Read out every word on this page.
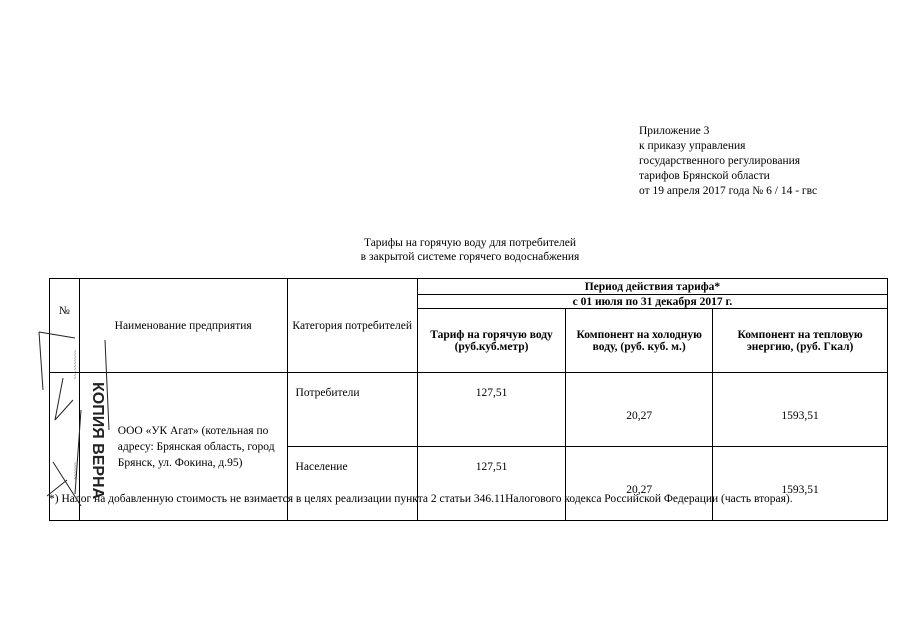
Приложение 3
к приказу управления
государственного регулирования
тарифов Брянской области
от 19 апреля 2017 года № 6 / 14 - гвс
Тарифы на горячую воду для потребителей
в закрытой системе горячего водоснабжения
№	Наименование предприятия	Категория потребителей	Период действия тарифа*		
			с 01 июля по 31 декабря 2017 г.		
			Тариф на горячую воду (руб.куб.метр)	Компонент на холодную воду, (руб. куб. м.)	Компонент на тепловую энергию, (руб. Гкал)
	ООО «УК Агат» (котельная по адресу: Брянская область, город Брянск, ул. Фокина, д.95)	Потребители	127,51	20,27	1593,51
		Население	127,51	20,27	1593,51
*) Налог на добавленную стоимость не взимается в целях реализации пункта 2 статьи 346.11Налогового кодекса Российской Федерации (часть вторая).
КОПИЯ ВЕРНА
~~~~~~~~~~
~~~~~~
